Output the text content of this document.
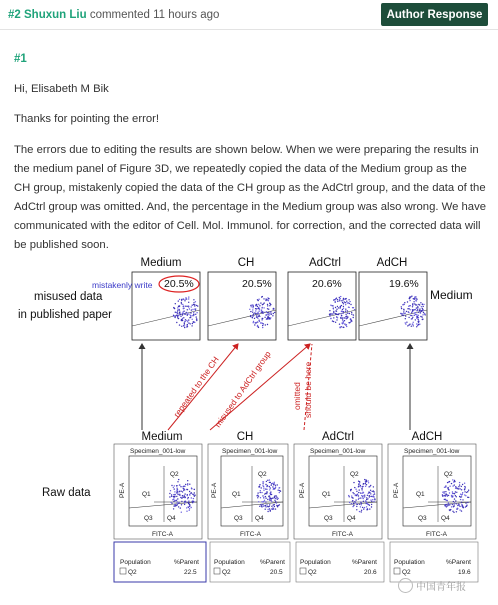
#2 Shuxun Liu commented 11 hours ago	Author Response
#1
Hi, Elisabeth M Bik
Thanks for pointing the error!
The errors due to editing the results are shown below. When we were preparing the results in the medium panel of Figure 3D, we repeatedly copied the data of the Medium group as the CH group, mistakenly copied the data of the CH group as the AdCtrl group, and the data of the AdCtrl group was omitted. And, the percentage in the Medium group was also wrong. We have communicated with the editor of Cell. Mol. Immunol. for correction, and the corrected data will be published soon.
Medium	CH	AdCtrl	AdCH
20.5%	20.5%	20.6%	19.6%
mistakenly write
misused data
in published paper
Medium
repeated to the CH
misused to AdCtrl group omitted should be here
Medium	CH	AdCtrl	AdCH
Raw data
Specimen_001-low
Q1
Q2
Q3 Q4
PE-A
FITC-A
Specimen_001-low
Q1
Q2
Q3 Q4
PE-A
FITC-A
Specimen_001-low
Q1
Q2
Q3 Q4
PE-A
FITC-A
Specimen_001-low
Q1
Q2
Q3 Q4
PE-A
FITC-A
Population	%Parent
Q2	22.5
Population %Parent
Q2	20.5
Population	%Parent
Q2	20.6
Population	%Parent
Q2	19.6
中国青年报
